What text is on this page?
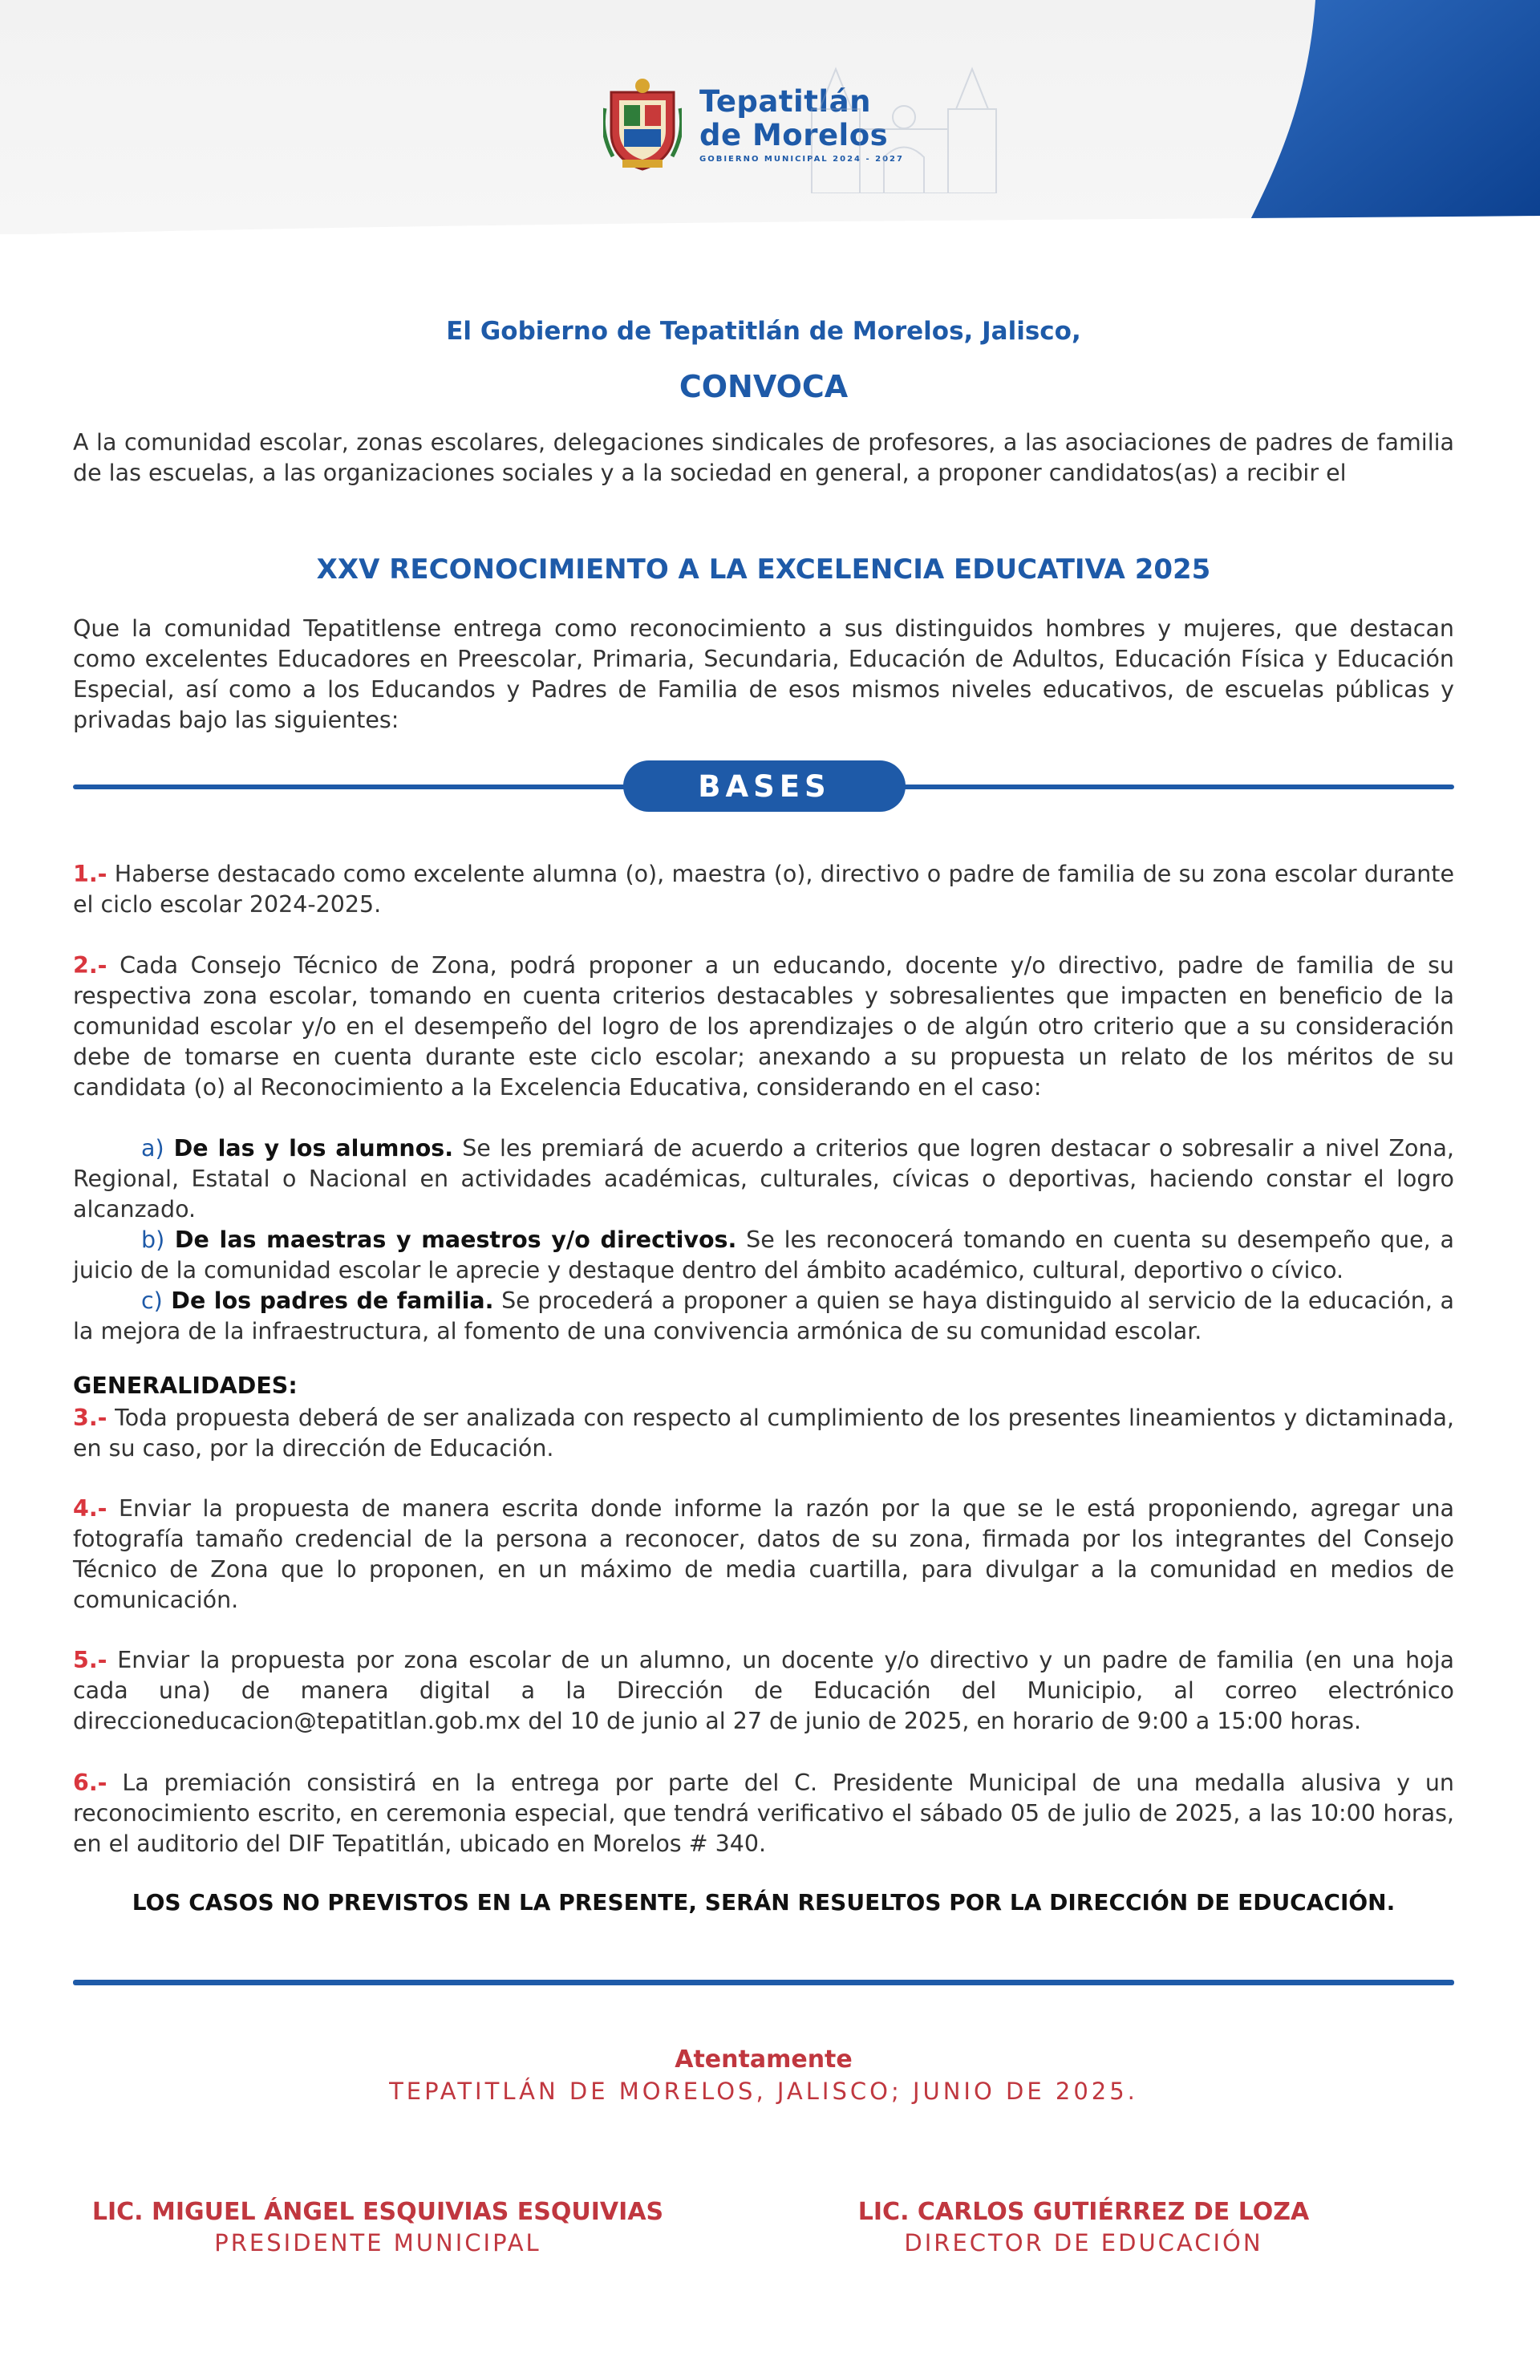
Tepatitlán
de Morelos
GOBIERNO MUNICIPAL 2024 - 2027
El Gobierno de Tepatitlán de Morelos, Jalisco,
CONVOCA
A la comunidad escolar, zonas escolares, delegaciones sindicales de profesores, a las asociaciones de padres de familia de las escuelas, a las organizaciones sociales y a la sociedad en general, a proponer candidatos(as) a recibir el
XXV RECONOCIMIENTO A LA EXCELENCIA EDUCATIVA 2025
Que la comunidad Tepatitlense entrega como reconocimiento a sus distinguidos hombres y mujeres, que destacan como excelentes Educadores en Preescolar, Primaria, Secundaria, Educación de Adultos, Educación Física y Educación Especial, así como a los Educandos y Padres de Familia de esos mismos niveles educativos, de escuelas públicas y privadas bajo las siguientes:
BASES
1.- Haberse destacado como excelente alumna (o), maestra (o), directivo o padre de familia de su zona escolar durante el ciclo escolar 2024-2025.
2.- Cada Consejo Técnico de Zona, podrá proponer a un educando, docente y/o directivo, padre de familia de su respectiva zona escolar, tomando en cuenta criterios destacables y sobresalientes que impacten en beneficio de la comunidad escolar y/o en el desempeño del logro de los aprendizajes o de algún otro criterio que a su consideración debe de tomarse en cuenta durante este ciclo escolar; anexando a su propuesta un relato de los méritos de su candidata (o) al Reconocimiento a la Excelencia Educativa, considerando en el caso:
a) De las y los alumnos. Se les premiará de acuerdo a criterios que logren destacar o sobresalir a nivel Zona, Regional, Estatal o Nacional en actividades académicas, culturales, cívicas o deportivas, haciendo constar el logro alcanzado.
b) De las maestras y maestros y/o directivos. Se les reconocerá tomando en cuenta su desempeño que, a juicio de la comunidad escolar le aprecie y destaque dentro del ámbito académico, cultural, deportivo o cívico.
c) De los padres de familia. Se procederá a proponer a quien se haya distinguido al servicio de la educación, a la mejora de la infraestructura, al fomento de una convivencia armónica de su comunidad escolar.
GENERALIDADES:
3.- Toda propuesta deberá de ser analizada con respecto al cumplimiento de los presentes lineamientos y dictaminada, en su caso, por la dirección de Educación.
4.- Enviar la propuesta de manera escrita donde informe la razón por la que se le está proponiendo, agregar una fotografía tamaño credencial de la persona a reconocer, datos de su zona, firmada por los integrantes del Consejo Técnico de Zona que lo proponen, en un máximo de media cuartilla, para divulgar a la comunidad en medios de comunicación.
5.- Enviar la propuesta por zona escolar de un alumno, un docente y/o directivo y un padre de familia (en una hoja cada una) de manera digital a la Dirección de Educación del Municipio, al correo electrónico direccioneducacion@tepatitlan.gob.mx del 10 de junio al 27 de junio de 2025, en horario de 9:00 a 15:00 horas.
6.- La premiación consistirá en la entrega por parte del C. Presidente Municipal de una medalla alusiva y un reconocimiento escrito, en ceremonia especial, que tendrá verificativo el sábado 05 de julio de 2025, a las 10:00 horas, en el auditorio del DIF Tepatitlán, ubicado en Morelos # 340.
LOS CASOS NO PREVISTOS EN LA PRESENTE, SERÁN RESUELTOS POR LA DIRECCIÓN DE EDUCACIÓN.
Atentamente
TEPATITLÁN DE MORELOS, JALISCO; JUNIO DE 2025.
LIC. MIGUEL ÁNGEL ESQUIVIAS ESQUIVIAS
PRESIDENTE MUNICIPAL
LIC. CARLOS GUTIÉRREZ DE LOZA
DIRECTOR DE EDUCACIÓN
